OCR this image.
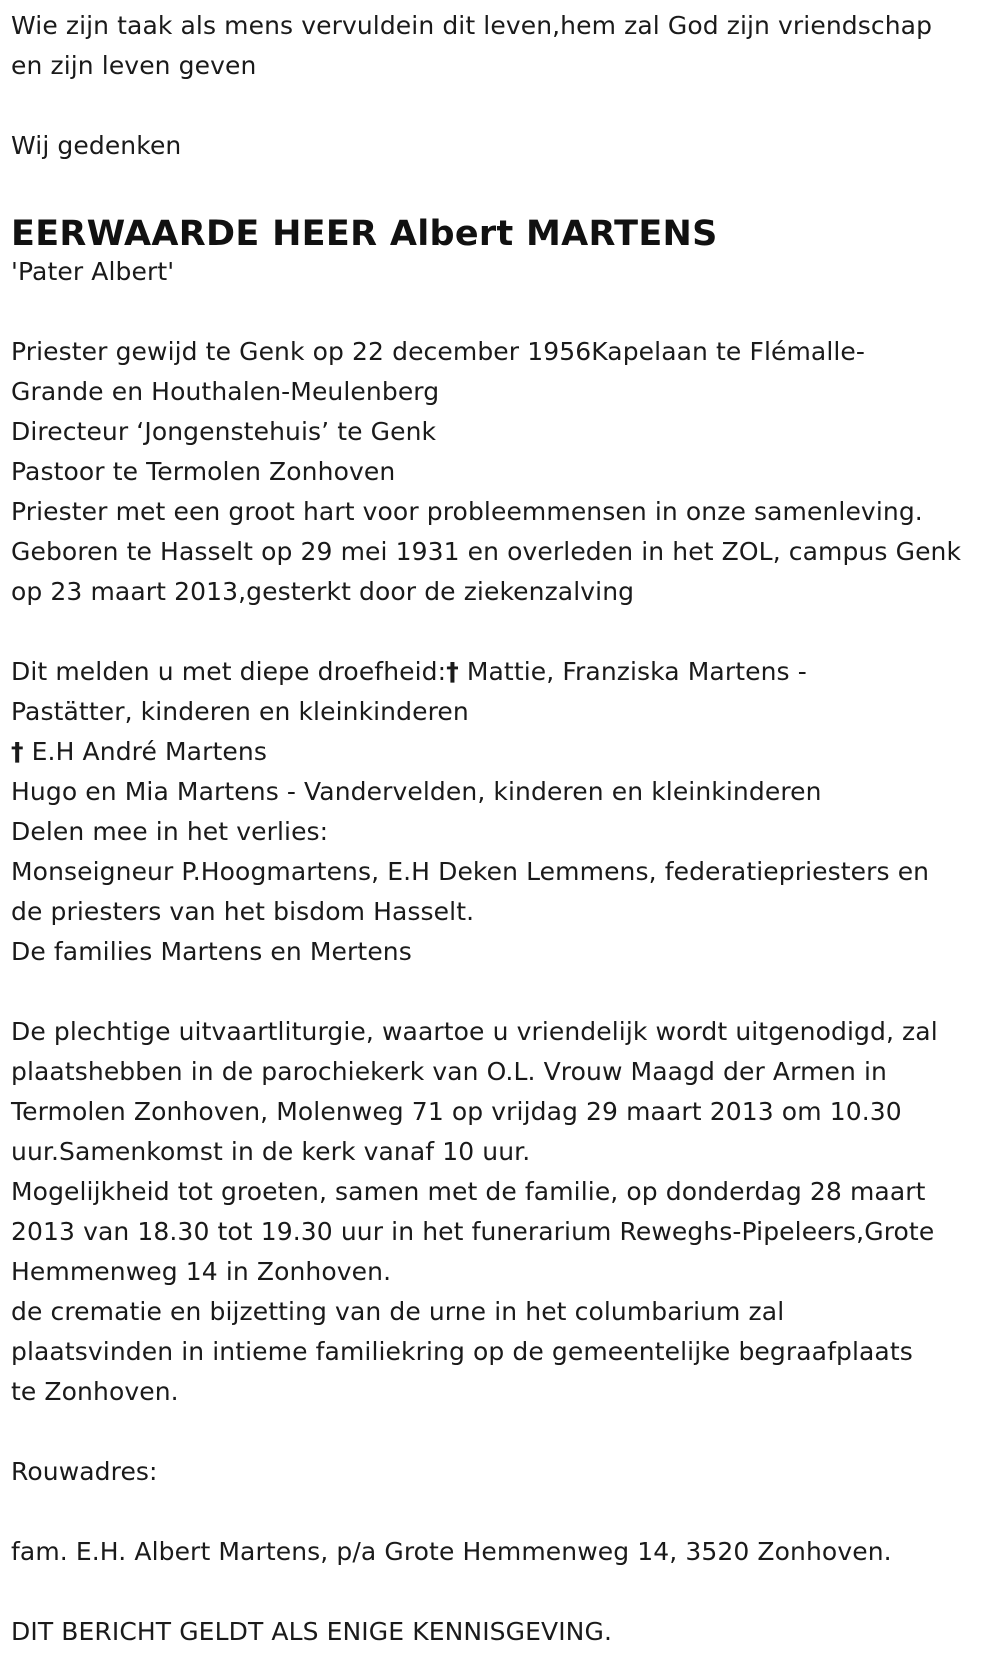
Wie zijn taak als mens vervuldein dit leven,hem zal God zijn vriendschap
en zijn leven geven
Wij gedenken
EERWAARDE HEER Albert MARTENS
'Pater Albert'
Priester gewijd te Genk op 22 december 1956Kapelaan te Flémalle-
Grande en Houthalen-Meulenberg
Directeur ‘Jongenstehuis’ te Genk
Pastoor te Termolen Zonhoven
Priester met een groot hart voor probleemmensen in onze samenleving.
Geboren te Hasselt op 29 mei 1931 en overleden in het ZOL, campus Genk
op 23 maart 2013,gesterkt door de ziekenzalving
Dit melden u met diepe droefheid:† Mattie, Franziska Martens -
Pastätter, kinderen en kleinkinderen
† E.H André Martens
Hugo en Mia Martens - Vandervelden, kinderen en kleinkinderen
Delen mee in het verlies:
Monseigneur P.Hoogmartens, E.H Deken Lemmens, federatiepriesters en
de priesters van het bisdom Hasselt.
De families Martens en Mertens
De plechtige uitvaartliturgie, waartoe u vriendelijk wordt uitgenodigd, zal
plaatshebben in de parochiekerk van O.L. Vrouw Maagd der Armen in
Termolen Zonhoven, Molenweg 71 op vrijdag 29 maart 2013 om 10.30
uur.Samenkomst in de kerk vanaf 10 uur.
Mogelijkheid tot groeten, samen met de familie, op donderdag 28 maart
2013 van 18.30 tot 19.30 uur in het funerarium Reweghs-Pipeleers,Grote
Hemmenweg 14 in Zonhoven.
de crematie en bijzetting van de urne in het columbarium zal
plaatsvinden in intieme familiekring op de gemeentelijke begraafplaats
te Zonhoven.
Rouwadres:
fam. E.H. Albert Martens, p/a Grote Hemmenweg 14, 3520 Zonhoven.
DIT BERICHT GELDT ALS ENIGE KENNISGEVING.
